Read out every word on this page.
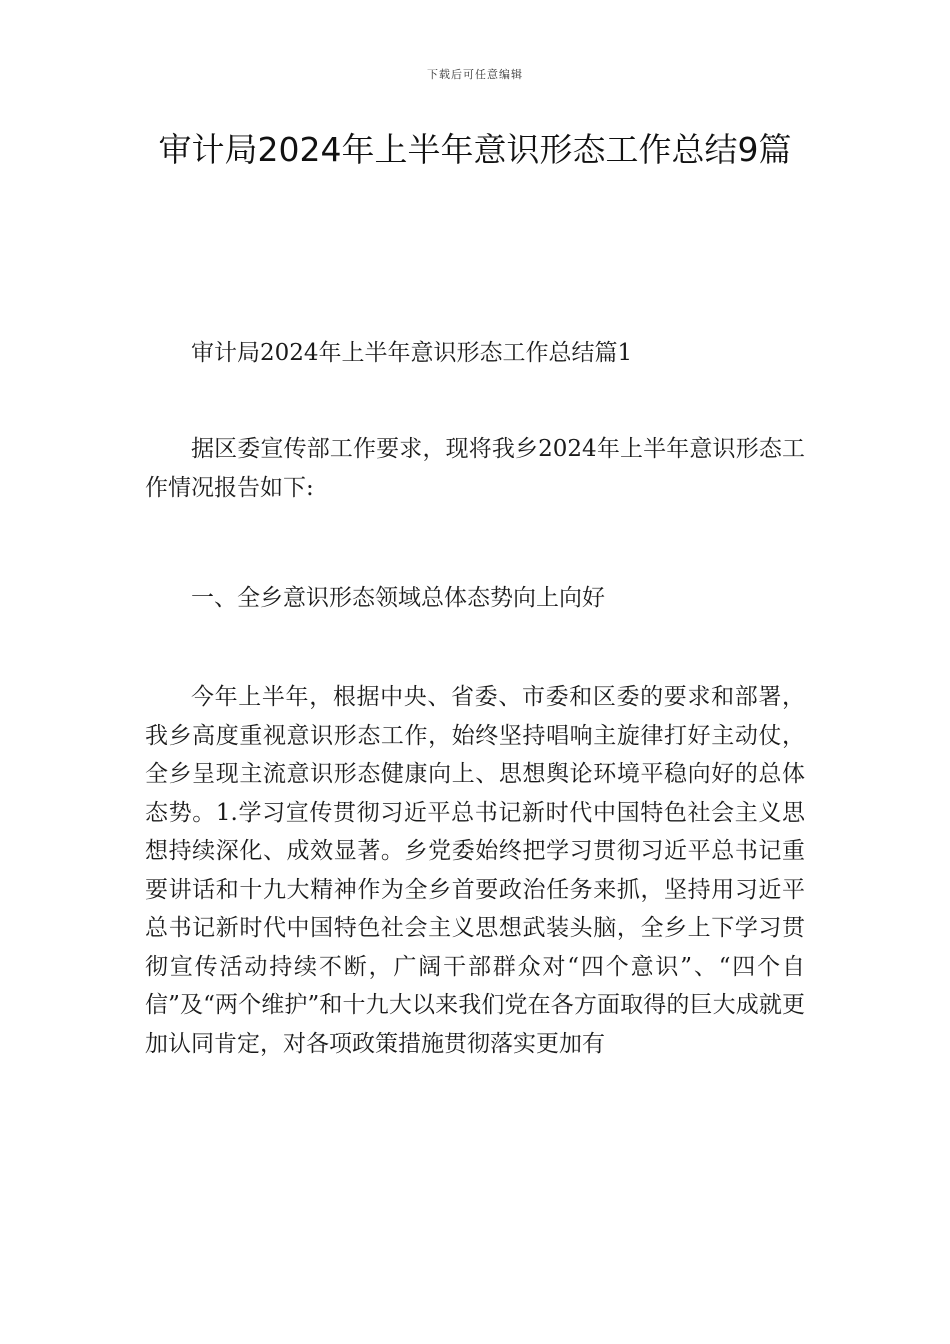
下载后可任意编辑
审计局2024年上半年意识形态工作总结9篇

审计局2024年上半年意识形态工作总结篇1

据区委宣传部工作要求，现将我乡2024年上半年意识形态工作情况报告如下:

一、全乡意识形态领域总体态势向上向好

今年上半年，根据中央、省委、市委和区委的要求和部署，我乡高度重视意识形态工作，始终坚持唱响主旋律打好主动仗，全乡呈现主流意识形态健康向上、思想舆论环境平稳向好的总体态势。1.学习宣传贯彻习近平总书记新时代中国特色社会主义思想持续深化、成效显著。乡党委始终把学习贯彻习近平总书记重要讲话和十九大精神作为全乡首要政治任务来抓，坚持用习近平总书记新时代中国特色社会主义思想武装头脑，全乡上下学习贯彻宣传活动持续不断，广阔干部群众对“四个意识”、“四个自信”及“两个维护”和十九大以来我们党在各方面取得的巨大成就更加认同肯定，对各项政策措施贯彻落实更加有
